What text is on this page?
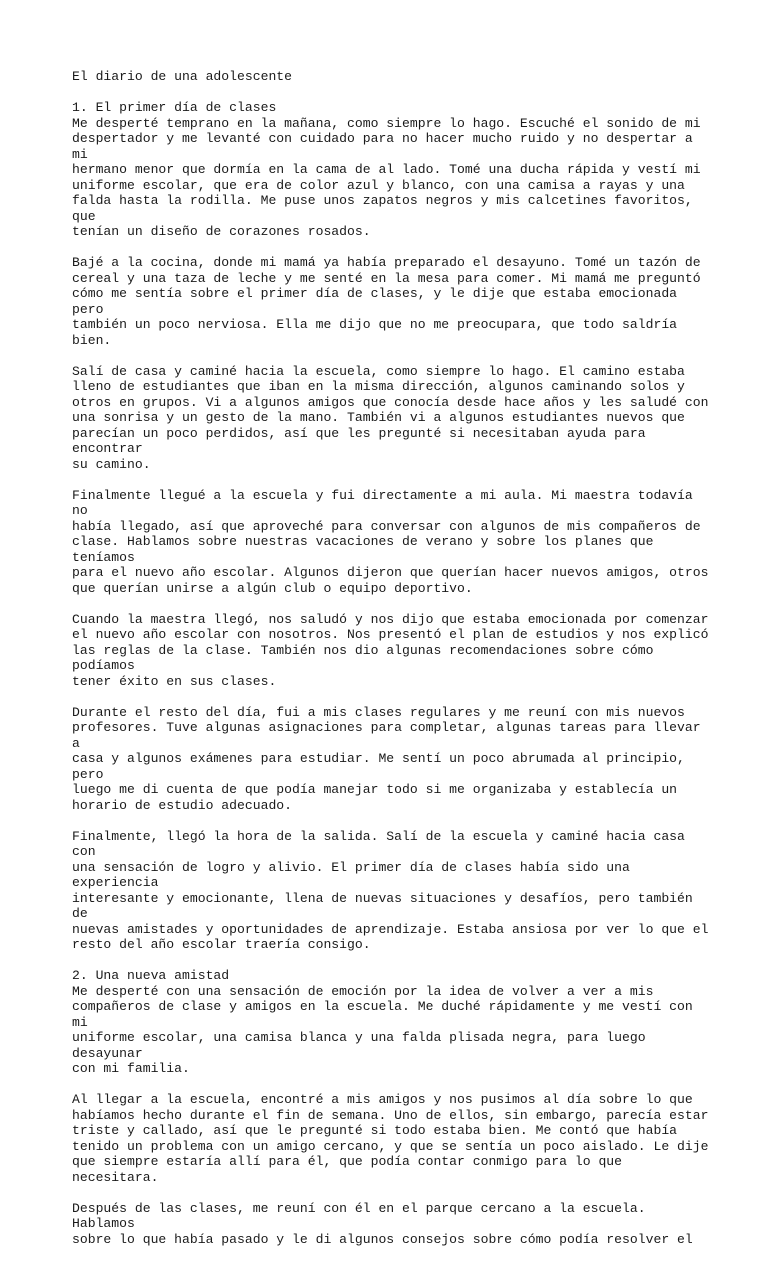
El diario de una adolescente
1. El primer día de clases

Me desperté temprano en la mañana, como siempre lo hago. Escuché el sonido de mi
despertador y me levanté con cuidado para no hacer mucho ruido y no despertar a mi
hermano menor que dormía en la cama de al lado. Tomé una ducha rápida y vestí mi
uniforme escolar, que era de color azul y blanco, con una camisa a rayas y una
falda hasta la rodilla. Me puse unos zapatos negros y mis calcetines favoritos, que
tenían un diseño de corazones rosados.

Bajé a la cocina, donde mi mamá ya había preparado el desayuno. Tomé un tazón de
cereal y una taza de leche y me senté en la mesa para comer. Mi mamá me preguntó
cómo me sentía sobre el primer día de clases, y le dije que estaba emocionada pero
también un poco nerviosa. Ella me dijo que no me preocupara, que todo saldría bien.

Salí de casa y caminé hacia la escuela, como siempre lo hago. El camino estaba
lleno de estudiantes que iban en la misma dirección, algunos caminando solos y
otros en grupos. Vi a algunos amigos que conocía desde hace años y les saludé con
una sonrisa y un gesto de la mano. También vi a algunos estudiantes nuevos que
parecían un poco perdidos, así que les pregunté si necesitaban ayuda para encontrar
su camino.

Finalmente llegué a la escuela y fui directamente a mi aula. Mi maestra todavía no
había llegado, así que aproveché para conversar con algunos de mis compañeros de
clase. Hablamos sobre nuestras vacaciones de verano y sobre los planes que teníamos
para el nuevo año escolar. Algunos dijeron que querían hacer nuevos amigos, otros
que querían unirse a algún club o equipo deportivo.

Cuando la maestra llegó, nos saludó y nos dijo que estaba emocionada por comenzar
el nuevo año escolar con nosotros. Nos presentó el plan de estudios y nos explicó
las reglas de la clase. También nos dio algunas recomendaciones sobre cómo podíamos
tener éxito en sus clases.

Durante el resto del día, fui a mis clases regulares y me reuní con mis nuevos
profesores. Tuve algunas asignaciones para completar, algunas tareas para llevar a
casa y algunos exámenes para estudiar. Me sentí un poco abrumada al principio, pero
luego me di cuenta de que podía manejar todo si me organizaba y establecía un
horario de estudio adecuado.

Finalmente, llegó la hora de la salida. Salí de la escuela y caminé hacia casa con
una sensación de logro y alivio. El primer día de clases había sido una experiencia
interesante y emocionante, llena de nuevas situaciones y desafíos, pero también de
nuevas amistades y oportunidades de aprendizaje. Estaba ansiosa por ver lo que el
resto del año escolar traería consigo.

2. Una nueva amistad

Me desperté con una sensación de emoción por la idea de volver a ver a mis
compañeros de clase y amigos en la escuela. Me duché rápidamente y me vestí con mi
uniforme escolar, una camisa blanca y una falda plisada negra, para luego desayunar
con mi familia.

Al llegar a la escuela, encontré a mis amigos y nos pusimos al día sobre lo que
habíamos hecho durante el fin de semana. Uno de ellos, sin embargo, parecía estar
triste y callado, así que le pregunté si todo estaba bien. Me contó que había
tenido un problema con un amigo cercano, y que se sentía un poco aislado. Le dije
que siempre estaría allí para él, que podía contar conmigo para lo que necesitara.

Después de las clases, me reuní con él en el parque cercano a la escuela. Hablamos
sobre lo que había pasado y le di algunos consejos sobre cómo podía resolver el
